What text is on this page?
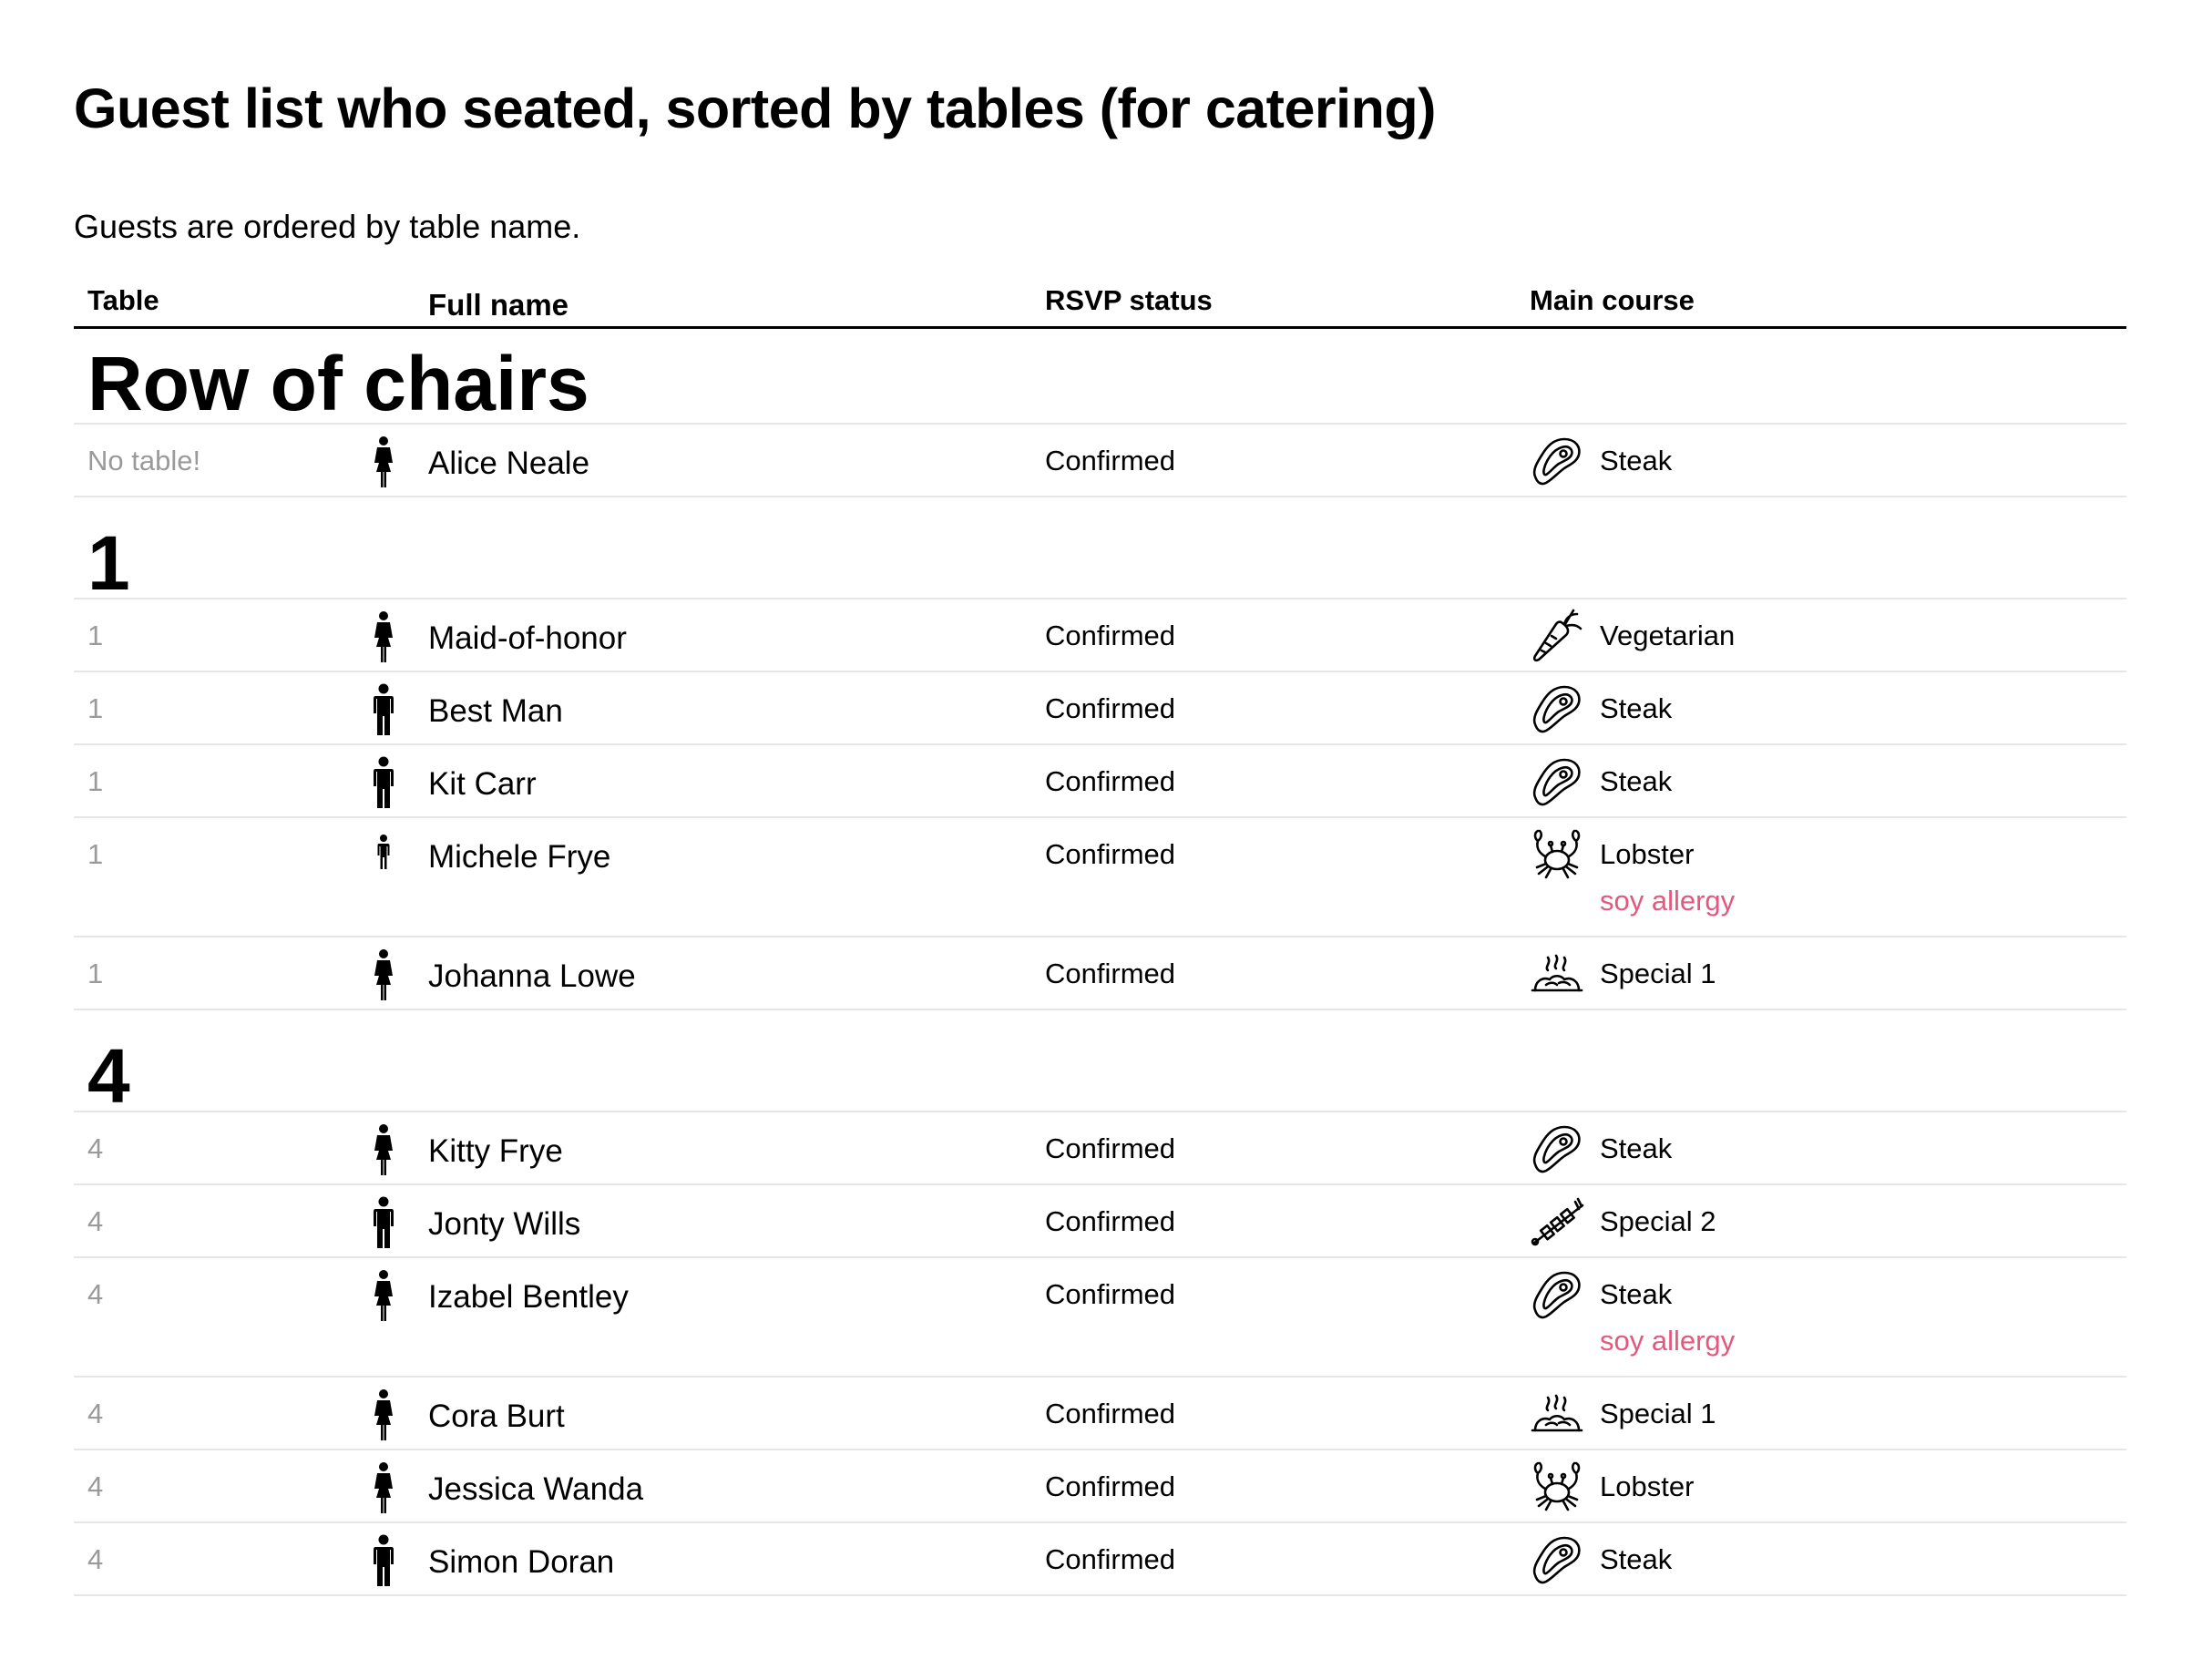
Guest list who seated, sorted by tables (for catering)

Guests are ordered by table name.

Table	Full name	RSVP status	Main course
Row of chairs
No table!	Alice Neale	Confirmed	Steak
1
1	Maid-of-honor	Confirmed	Vegetarian
1	Best Man	Confirmed	Steak
1	Kit Carr	Confirmed	Steak
1	Michele Frye	Confirmed	Lobster
soy allergy
1	Johanna Lowe	Confirmed	Special 1
4
4	Kitty Frye	Confirmed	Steak
4	Jonty Wills	Confirmed	Special 2
4	Izabel Bentley	Confirmed	Steak
soy allergy
4	Cora Burt	Confirmed	Special 1
4	Jessica Wanda	Confirmed	Lobster
4	Simon Doran	Confirmed	Steak
